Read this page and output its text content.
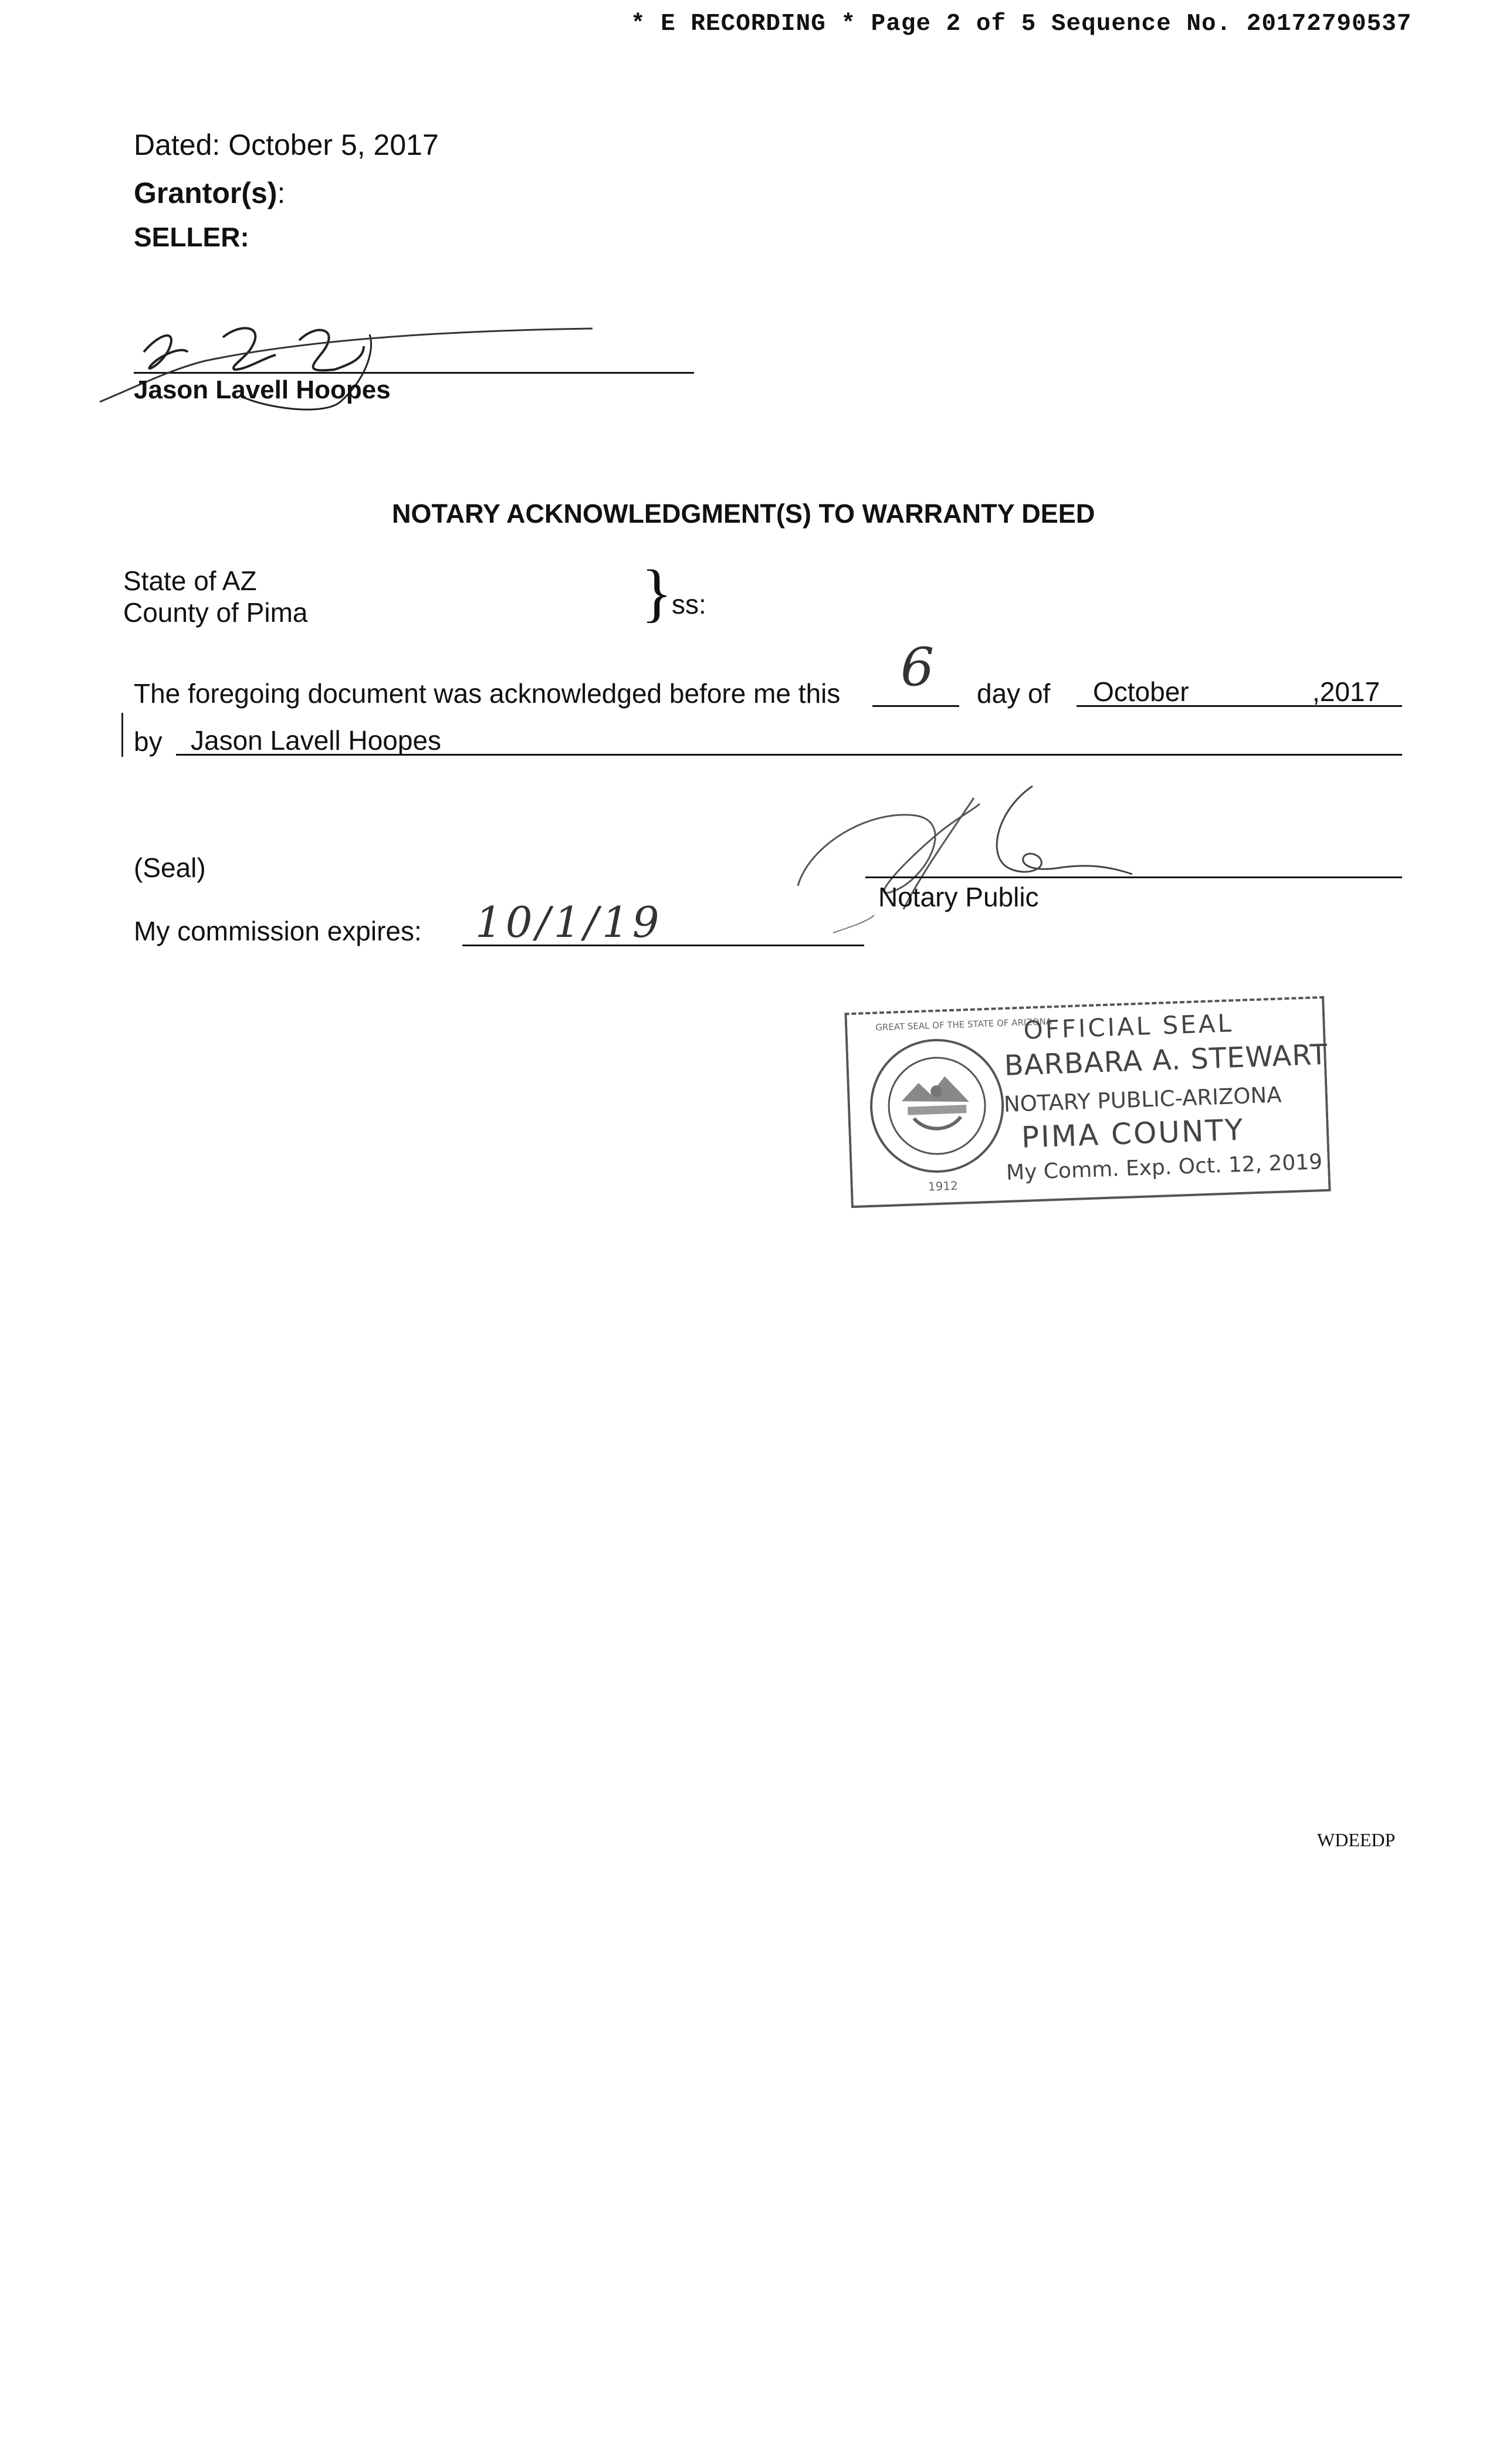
* E RECORDING * Page 2 of 5 Sequence No. 20172790537
Dated: October 5, 2017
Grantor(s):
SELLER:
Jason Lavell Hoopes
NOTARY ACKNOWLEDGMENT(S) TO WARRANTY DEED
State of AZ
County of Pima	} ss:
The foregoing document was acknowledged before me this 6 day of October	,2017
by Jason Lavell Hoopes
(Seal)
Notary Public
My commission expires: 10/1/19
GREAT SEAL OF THE STATE OF ARIZONA
1912
OFFICIAL SEAL
BARBARA A. STEWART
NOTARY PUBLIC-ARIZONA
PIMA COUNTY
My Comm. Exp. Oct. 12, 2019
WDEEDP
